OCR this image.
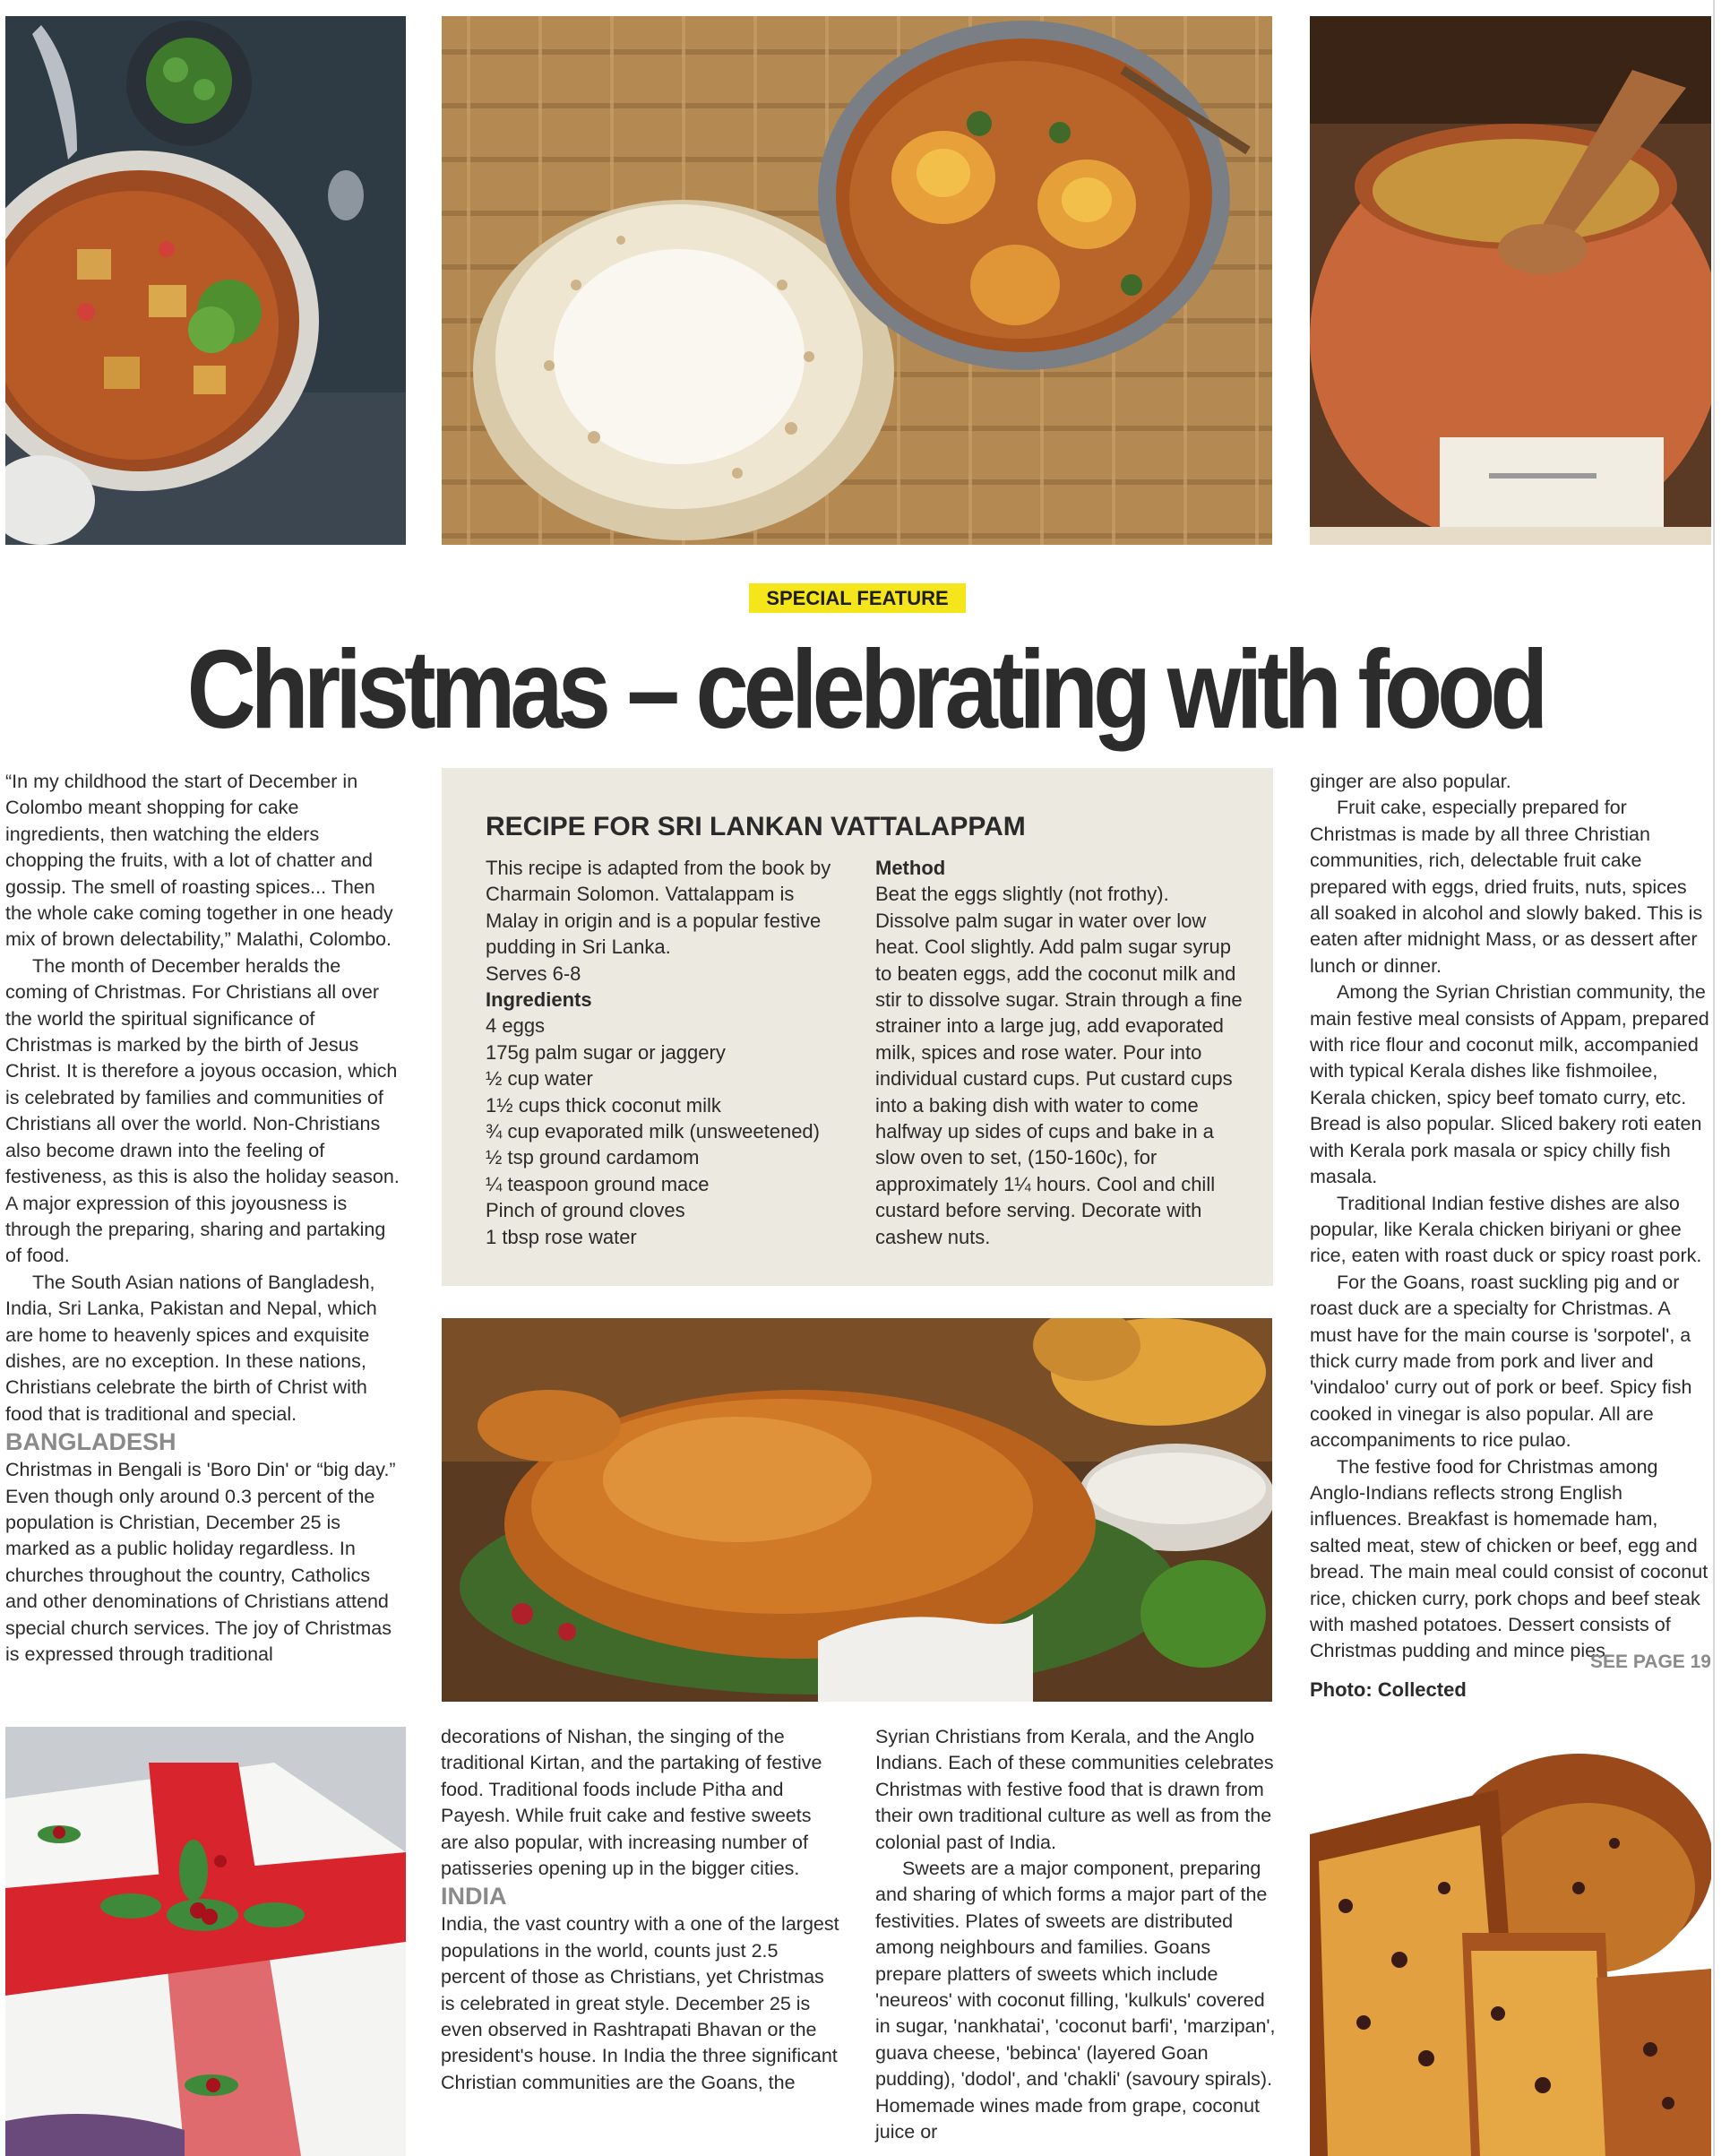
SPECIAL FEATURE
Christmas – celebrating with food

“In my childhood the start of December in Colombo meant shopping for cake ingredients, then watching the elders chopping the fruits, with a lot of chatter and gossip. The smell of roasting spices... Then the whole cake coming together in one heady mix of brown delectability,” Malathi, Colombo.

The month of December heralds the coming of Christmas. For Christians all over the world the spiritual significance of Christmas is marked by the birth of Jesus Christ. It is therefore a joyous occasion, which is celebrated by families and communities of Christians all over the world. Non-Christians also become drawn into the feeling of festiveness, as this is also the holiday season. A major expression of this joyousness is through the preparing, sharing and partaking of food.

The South Asian nations of Bangladesh, India, Sri Lanka, Pakistan and Nepal, which are home to heavenly spices and exquisite dishes, are no exception. In these nations, Christians celebrate the birth of Christ with food that is traditional and special.

BANGLADESH

Christmas in Bengali is 'Boro Din' or “big day.” Even though only around 0.3 percent of the population is Christian, December 25 is marked as a public holiday regardless. In churches throughout the country, Catholics and other denominations of Christians attend special church services. The joy of Christmas is expressed through traditional

RECIPE FOR SRI LANKAN VATTALAPPAM
This recipe is adapted from the book by Charmain Solomon. Vattalappam is Malay in origin and is a popular festive pudding in Sri Lanka.
Serves 6-8
Ingredients
4 eggs
175g palm sugar or jaggery
½ cup water
1½ cups thick coconut milk
¾ cup evaporated milk (unsweetened)
½ tsp ground cardamom
¼ teaspoon ground mace
Pinch of ground cloves
1 tbsp rose water
Method
Beat the eggs slightly (not frothy). Dissolve palm sugar in water over low heat. Cool slightly. Add palm sugar syrup to beaten eggs, add the coconut milk and stir to dissolve sugar. Strain through a fine strainer into a large jug, add evaporated milk, spices and rose water. Pour into individual custard cups. Put custard cups into a baking dish with water to come halfway up sides of cups and bake in a slow oven to set, (150-160c), for approximately 1¼ hours. Cool and chill custard before serving. Decorate with cashew nuts.

decorations of Nishan, the singing of the traditional Kirtan, and the partaking of festive food. Traditional foods include Pitha and Payesh. While fruit cake and festive sweets are also popular, with increasing number of patisseries opening up in the bigger cities.

INDIA

India, the vast country with a one of the largest populations in the world, counts just 2.5 percent of those as Christians, yet Christmas is celebrated in great style. December 25 is even observed in Rashtrapati Bhavan or the president's house. In India the three significant Christian communities are the Goans, the

Syrian Christians from Kerala, and the Anglo Indians. Each of these communities celebrates Christmas with festive food that is drawn from their own traditional culture as well as from the colonial past of India.

Sweets are a major component, preparing and sharing of which forms a major part of the festivities. Plates of sweets are distributed among neighbours and families. Goans prepare platters of sweets which include 'neureos' with coconut filling, 'kulkuls' covered in sugar, 'nankhatai', 'coconut barfi', 'marzipan', guava cheese, 'bebinca' (layered Goan pudding), 'dodol', and 'chakli' (savoury spirals). Homemade wines made from grape, coconut juice or

ginger are also popular.

Fruit cake, especially prepared for Christmas is made by all three Christian communities, rich, delectable fruit cake prepared with eggs, dried fruits, nuts, spices all soaked in alcohol and slowly baked. This is eaten after midnight Mass, or as dessert after lunch or dinner.

Among the Syrian Christian community, the main festive meal consists of Appam, prepared with rice flour and coconut milk, accompanied with typical Kerala dishes like fishmoilee, Kerala chicken, spicy beef tomato curry, etc. Bread is also popular. Sliced bakery roti eaten with Kerala pork masala or spicy chilly fish masala.

Traditional Indian festive dishes are also popular, like Kerala chicken biriyani or ghee rice, eaten with roast duck or spicy roast pork.

For the Goans, roast suckling pig and or roast duck are a specialty for Christmas. A must have for the main course is 'sorpotel', a thick curry made from pork and liver and 'vindaloo' curry out of pork or beef. Spicy fish cooked in vinegar is also popular. All are accompaniments to rice pulao.

The festive food for Christmas among Anglo-Indians reflects strong English influences. Breakfast is homemade ham, salted meat, stew of chicken or beef, egg and bread. The main meal could consist of coconut rice, chicken curry, pork chops and beef steak with mashed potatoes. Dessert consists of Christmas pudding and mince pies.

SEE PAGE 19
Photo: Collected
